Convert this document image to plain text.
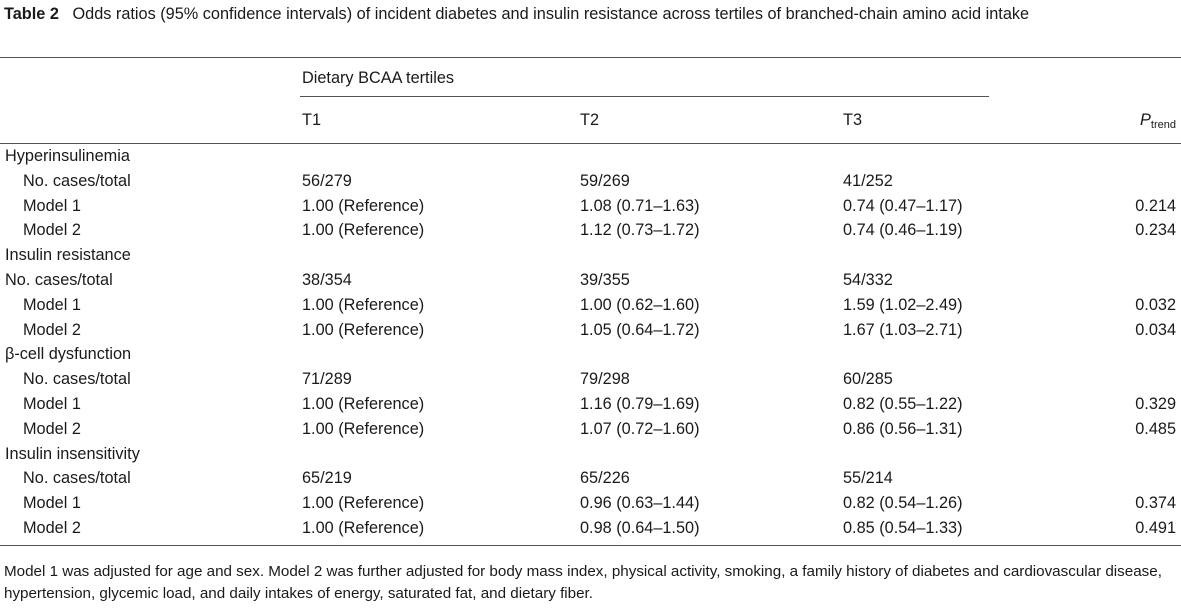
Table 2 Odds ratios (95% confidence intervals) of incident diabetes and insulin resistance across tertiles of branched-chain amino acid intake
Dietary BCAA tertiles
T1	T2	T3	$P_{trend}$
Hyperinsulinemia
No. cases/total	56/279	59/269	41/252
Model 1	1.00 (Reference)	1.08 (0.71–1.63)	0.74 (0.47–1.17)	0.214
Model 2	1.00 (Reference)	1.12 (0.73–1.72)	0.74 (0.46–1.19)	0.234
Insulin resistance
No. cases/total	38/354	39/355	54/332
Model 1	1.00 (Reference)	1.00 (0.62–1.60)	1.59 (1.02–2.49)	0.032
Model 2	1.00 (Reference)	1.05 (0.64–1.72)	1.67 (1.03–2.71)	0.034
β-cell dysfunction
No. cases/total	71/289	79/298	60/285
Model 1	1.00 (Reference)	1.16 (0.79–1.69)	0.82 (0.55–1.22)	0.329
Model 2	1.00 (Reference)	1.07 (0.72–1.60)	0.86 (0.56–1.31)	0.485
Insulin insensitivity
No. cases/total	65/219	65/226	55/214
Model 1	1.00 (Reference)	0.96 (0.63–1.44)	0.82 (0.54–1.26)	0.374
Model 2	1.00 (Reference)	0.98 (0.64–1.50)	0.85 (0.54–1.33)	0.491
Model 1 was adjusted for age and sex. Model 2 was further adjusted for body mass index, physical activity, smoking, a family history of diabetes and cardiovascular disease, hypertension, glycemic load, and daily intakes of energy, saturated fat, and dietary fiber.
